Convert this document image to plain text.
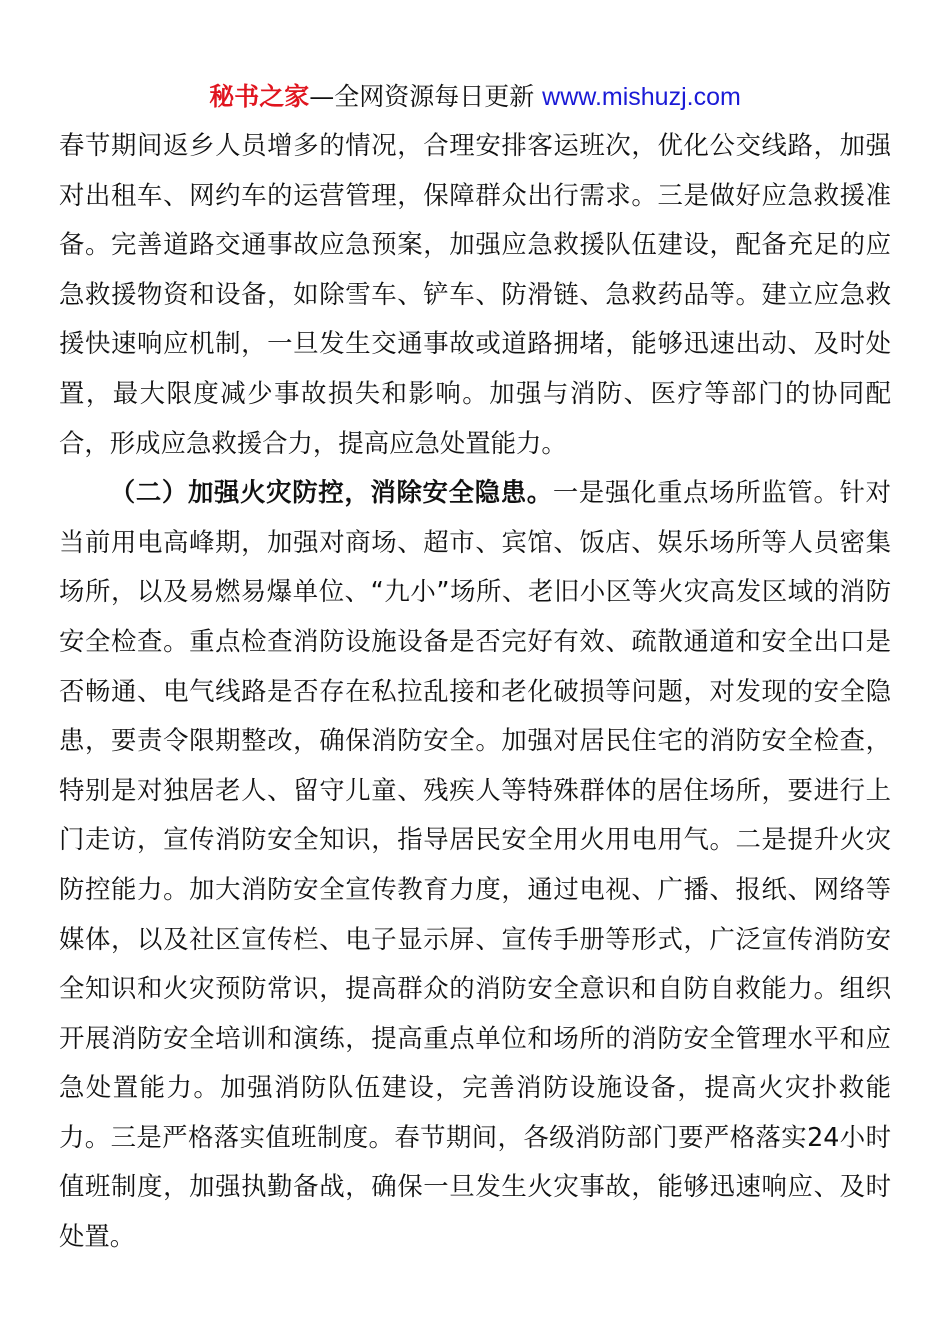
秘书之家—全网资源每日更新 www.mishuzj.com

春节期间返乡人员增多的情况，合理安排客运班次，优化公交线路，加强对出租车、网约车的运营管理，保障群众出行需求。三是做好应急救援准备。完善道路交通事故应急预案，加强应急救援队伍建设，配备充足的应急救援物资和设备，如除雪车、铲车、防滑链、急救药品等。建立应急救援快速响应机制，一旦发生交通事故或道路拥堵，能够迅速出动、及时处置，最大限度减少事故损失和影响。加强与消防、医疗等部门的协同配合，形成应急救援合力，提高应急处置能力。

（二）加强火灾防控，消除安全隐患。一是强化重点场所监管。针对当前用电高峰期，加强对商场、超市、宾馆、饭店、娱乐场所等人员密集场所，以及易燃易爆单位、“九小”场所、老旧小区等火灾高发区域的消防安全检查。重点检查消防设施设备是否完好有效、疏散通道和安全出口是否畅通、电气线路是否存在私拉乱接和老化破损等问题，对发现的安全隐患，要责令限期整改，确保消防安全。加强对居民住宅的消防安全检查，特别是对独居老人、留守儿童、残疾人等特殊群体的居住场所，要进行上门走访，宣传消防安全知识，指导居民安全用火用电用气。二是提升火灾防控能力。加大消防安全宣传教育力度，通过电视、广播、报纸、网络等媒体，以及社区宣传栏、电子显示屏、宣传手册等形式，广泛宣传消防安全知识和火灾预防常识，提高群众的消防安全意识和自防自救能力。组织开展消防安全培训和演练，提高重点单位和场所的消防安全管理水平和应急处置能力。加强消防队伍建设，完善消防设施设备，提高火灾扑救能力。三是严格落实值班制度。春节期间，各级消防部门要严格落实24小时值班制度，加强执勤备战，确保一旦发生火灾事故，能够迅速响应、及时处置。
